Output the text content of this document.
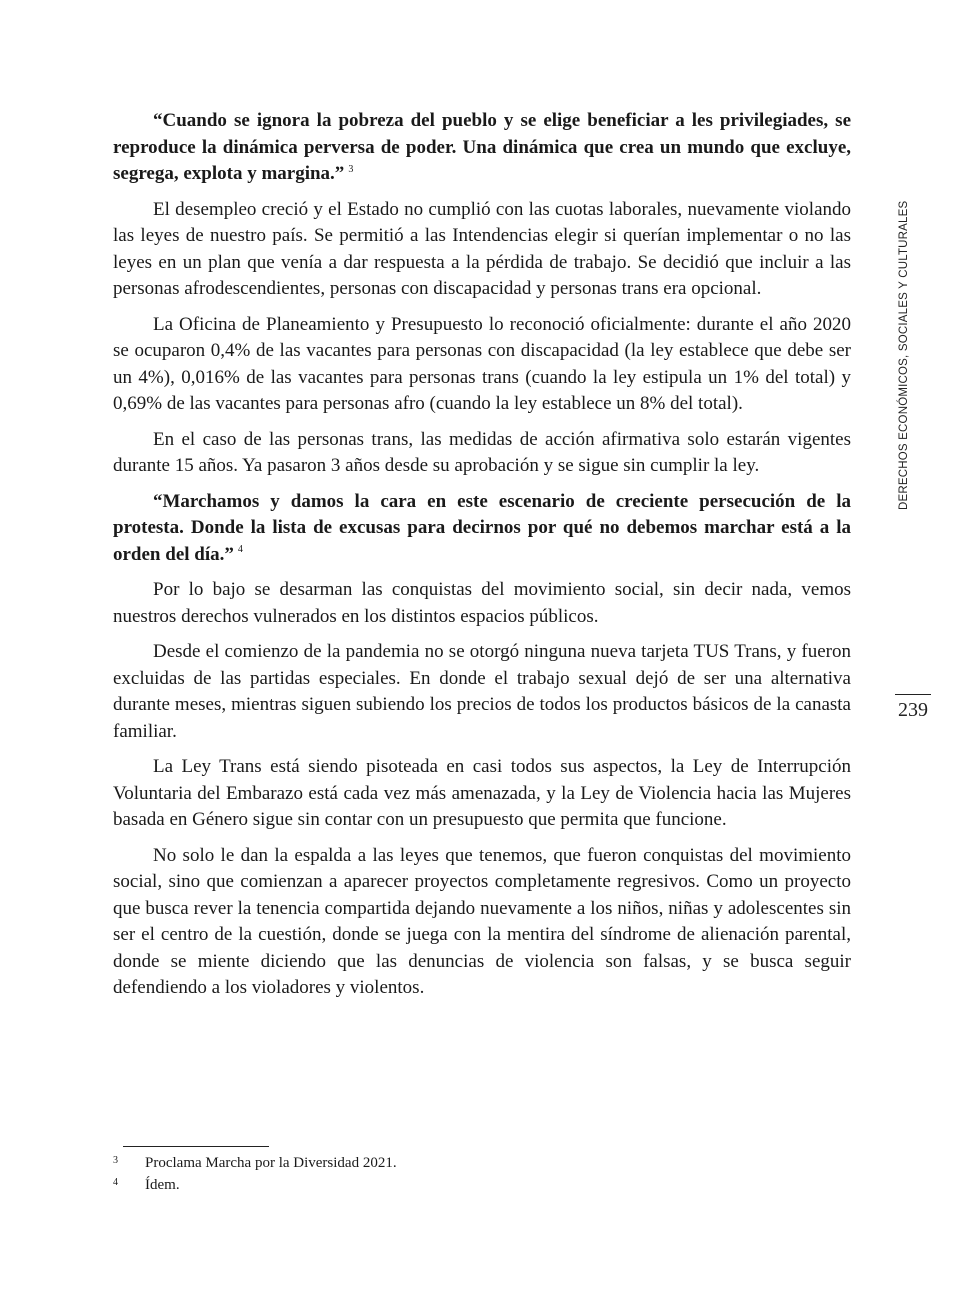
“Cuando se ignora la pobreza del pueblo y se elige beneficiar a les privilegiades, se reproduce la dinámica perversa de poder. Una dinámica que crea un mundo que excluye, segrega, explota y margina.” $^3$

El desempleo creció y el Estado no cumplió con las cuotas laborales, nuevamente violando las leyes de nuestro país. Se permitió a las Intendencias elegir si querían implementar o no las leyes en un plan que venía a dar respuesta a la pérdida de trabajo. Se decidió que incluir a las personas afrodescendientes, personas con discapacidad y personas trans era opcional.

La Oficina de Planeamiento y Presupuesto lo reconoció oficialmente: durante el año 2020 se ocuparon 0,4% de las vacantes para personas con discapacidad (la ley establece que debe ser un 4%), 0,016% de las vacantes para personas trans (cuando la ley estipula un 1% del total) y 0,69% de las vacantes para personas afro (cuando la ley establece un 8% del total).

En el caso de las personas trans, las medidas de acción afirmativa solo estarán vigentes durante 15 años. Ya pasaron 3 años desde su aprobación y se sigue sin cumplir la ley.

“Marchamos y damos la cara en este escenario de creciente persecución de la protesta. Donde la lista de excusas para decirnos por qué no debemos marchar está a la orden del día.” $^4$

Por lo bajo se desarman las conquistas del movimiento social, sin decir nada, vemos nuestros derechos vulnerados en los distintos espacios públicos.

Desde el comienzo de la pandemia no se otorgó ninguna nueva tarjeta TUS Trans, y fueron excluidas de las partidas especiales. En donde el trabajo sexual dejó de ser una alternativa durante meses, mientras siguen subiendo los precios de todos los productos básicos de la canasta familiar.

La Ley Trans está siendo pisoteada en casi todos sus aspectos, la Ley de Interrupción Voluntaria del Embarazo está cada vez más amenazada, y la Ley de Violencia hacia las Mujeres basada en Género sigue sin contar con un presupuesto que permita que funcione.

No solo le dan la espalda a las leyes que tenemos, que fueron conquistas del movimiento social, sino que comienzan a aparecer proyectos completamente regresivos. Como un proyecto que busca rever la tenencia compartida dejando nuevamente a los niños, niñas y adolescentes sin ser el centro de la cuestión, donde se juega con la mentira del síndrome de alienación parental, donde se miente diciendo que las denuncias de violencia son falsas, y se busca seguir defendiendo a los violadores y violentos.

DERECHOS ECONÓMICOS, SOCIALES Y CULTURALES
239
3 Proclama Marcha por la Diversidad 2021.
4 Ídem.
